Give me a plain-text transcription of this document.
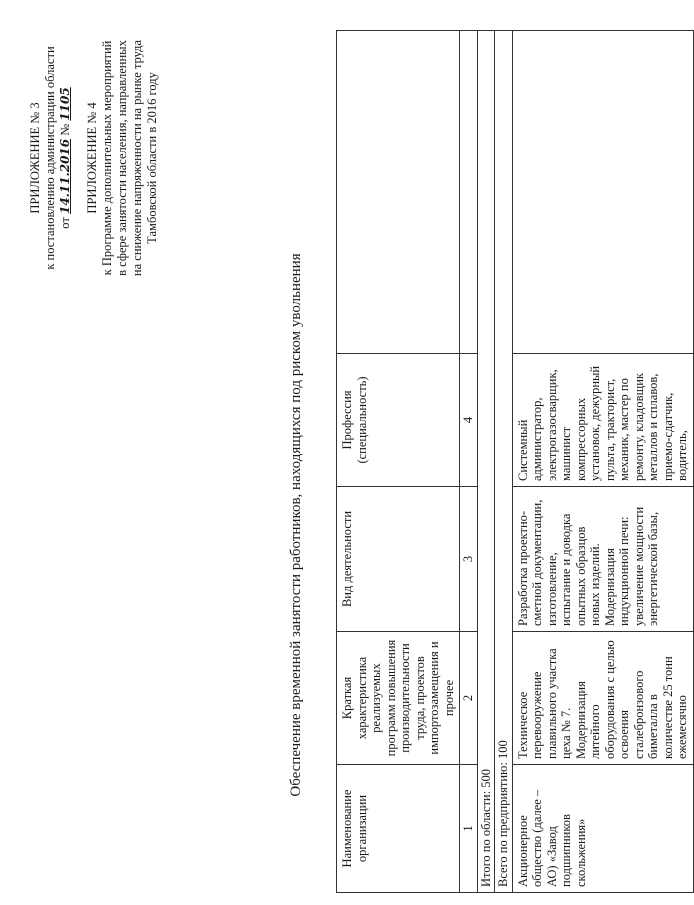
ПРИЛОЖЕНИЕ № 3 к постановлению администрации области от 14.11.2016 № 1105 ПРИЛОЖЕНИЕ № 4 к Программе дополнительных мероприятий в сфере занятости населения, направленных на снижение напряженности на рынке труда Тамбовской области в 2016 году
Обеспечение временной занятости работников, находящихся под риском увольнения
Наименование организации	Краткая характеристика реализуемых программ повышения производительности труда, проектов импортозамещения и прочее	Вид деятельности	Профессия (специальность)	
1	2	3	4	
Итого по области: 500				
Всего по предприятию: 100				
Акционерное общество (далее – АО) «Завод подшипников скольжения»	Техническое перевооружение плавильного участка цеха № 7. Модернизация литейного оборудования с целью освоения сталебронзового биметалла в количестве 25 тонн ежемесячно	Разработка проектно-сметной документации, изготовление, испытание и доводка опытных образцов новых изделий. Модернизация индукционной печи: увеличение мощности энергетической базы,	Системный администратор, электрогазосварщик, машинист компрессорных установок, дежурный пульта, тракторист, механик, мастер по ремонту, кладовщик металлов и сплавов, приемо-сдатчик, водитель,	
